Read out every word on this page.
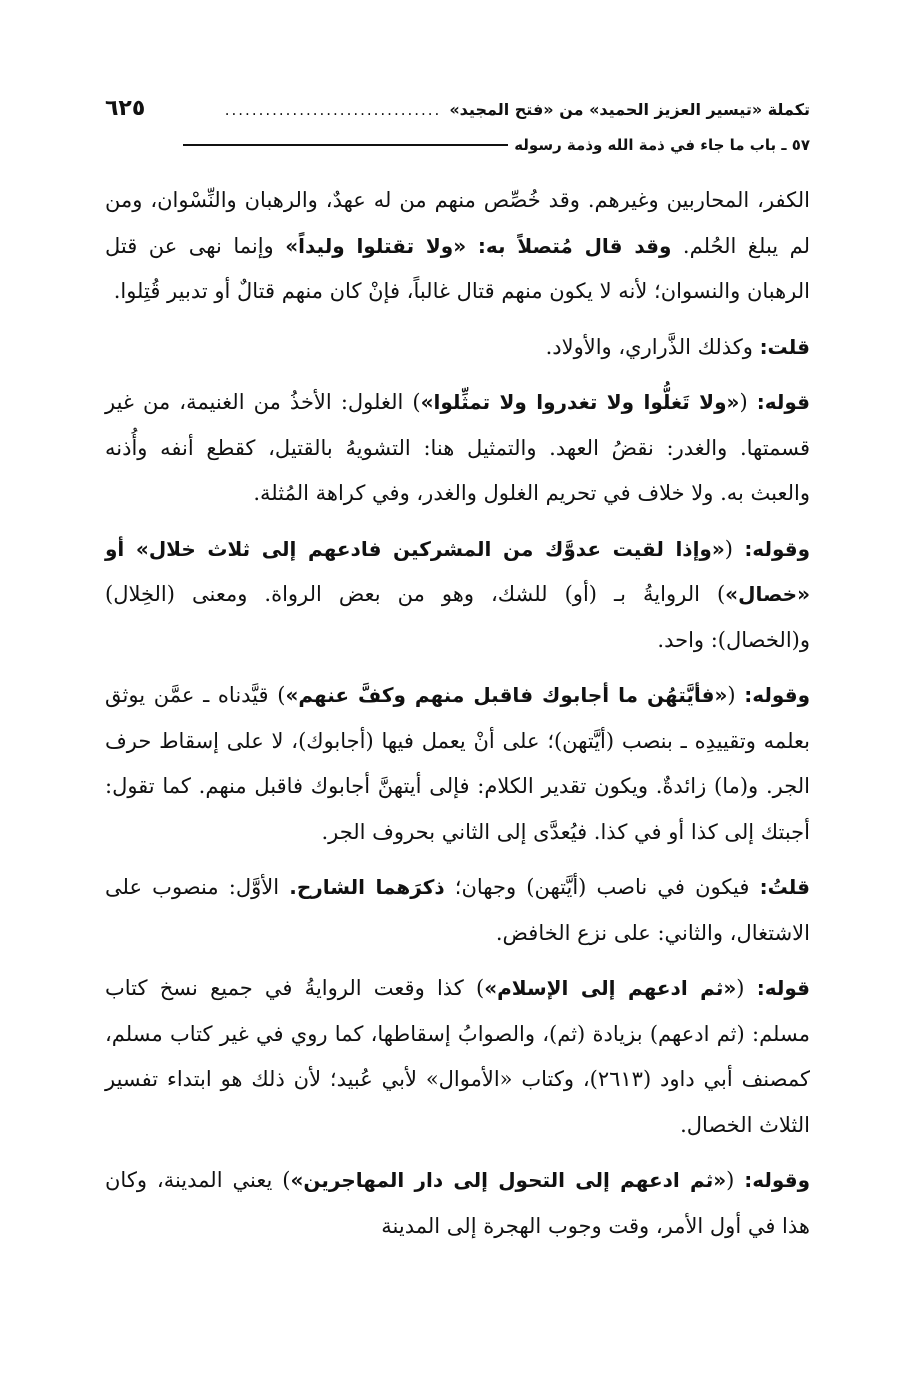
تكملة «تيسير العزيز الحميد» من «فتح المجيد»
................................
٦٢٥
٥٧ ـ باب ما جاء في ذمة الله وذمة رسوله

الكفر، المحاربين وغيرهم. وقد خُصِّص منهم من له عهدٌ، والرهبان والنِّسْوان، ومن لم يبلغ الحُلم. وقد قال مُتصلاً به: «ولا تقتلوا وليداً» وإنما نهى عن قتل الرهبان والنسوان؛ لأنه لا يكون منهم قتال غالباً، فإنْ كان منهم قتالٌ أو تدبير قُتِلوا.

قلت: وكذلك الذَّراري، والأولاد.

قوله: («ولا تَغلُّوا ولا تغدروا ولا تمثِّلوا») الغلول: الأخذُ من الغنيمة، من غير قسمتها. والغدر: نقضُ العهد. والتمثيل هنا: التشويهُ بالقتيل، كقطع أنفه وأُذنه والعبث به. ولا خلاف في تحريم الغلول والغدر، وفي كراهة المُثلة.

وقوله: («وإذا لقيت عدوَّك من المشركين فادعهم إلى ثلاث خلال» أو «خصال») الروايةُ بـ (أو) للشك، وهو من بعض الرواة. ومعنى (الخِلال) و(الخصال): واحد.

وقوله: («فأيَّتهُن ما أجابوك فاقبل منهم وكفَّ عنهم») قيَّدناه ـ عمَّن يوثق بعلمه وتقييدِه ـ بنصب (أيَّتهن)؛ على أنْ يعمل فيها (أجابوك)، لا على إسقاط حرف الجر. و(ما) زائدةٌ. ويكون تقدير الكلام: فإلى أيتهنَّ أجابوك فاقبل منهم. كما تقول: أجبتك إلى كذا أو في كذا. فيُعدَّى إلى الثاني بحروف الجر.

قلتُ: فيكون في ناصب (أيَّتهن) وجهان؛ ذكرَهما الشارح. الأوَّل: منصوب على الاشتغال، والثاني: على نزع الخافض.

قوله: («ثم ادعهم إلى الإسلام») كذا وقعت الروايةُ في جميع نسخ كتاب مسلم: (ثم ادعهم) بزيادة (ثم)، والصوابُ إسقاطها، كما روي في غير كتاب مسلم، كمصنف أبي داود (٢٦١٣)، وكتاب «الأموال» لأبي عُبيد؛ لأن ذلك هو ابتداء تفسير الثلاث الخصال.

وقوله: («ثم ادعهم إلى التحول إلى دار المهاجرين») يعني المدينة، وكان هذا في أول الأمر، وقت وجوب الهجرة إلى المدينة
